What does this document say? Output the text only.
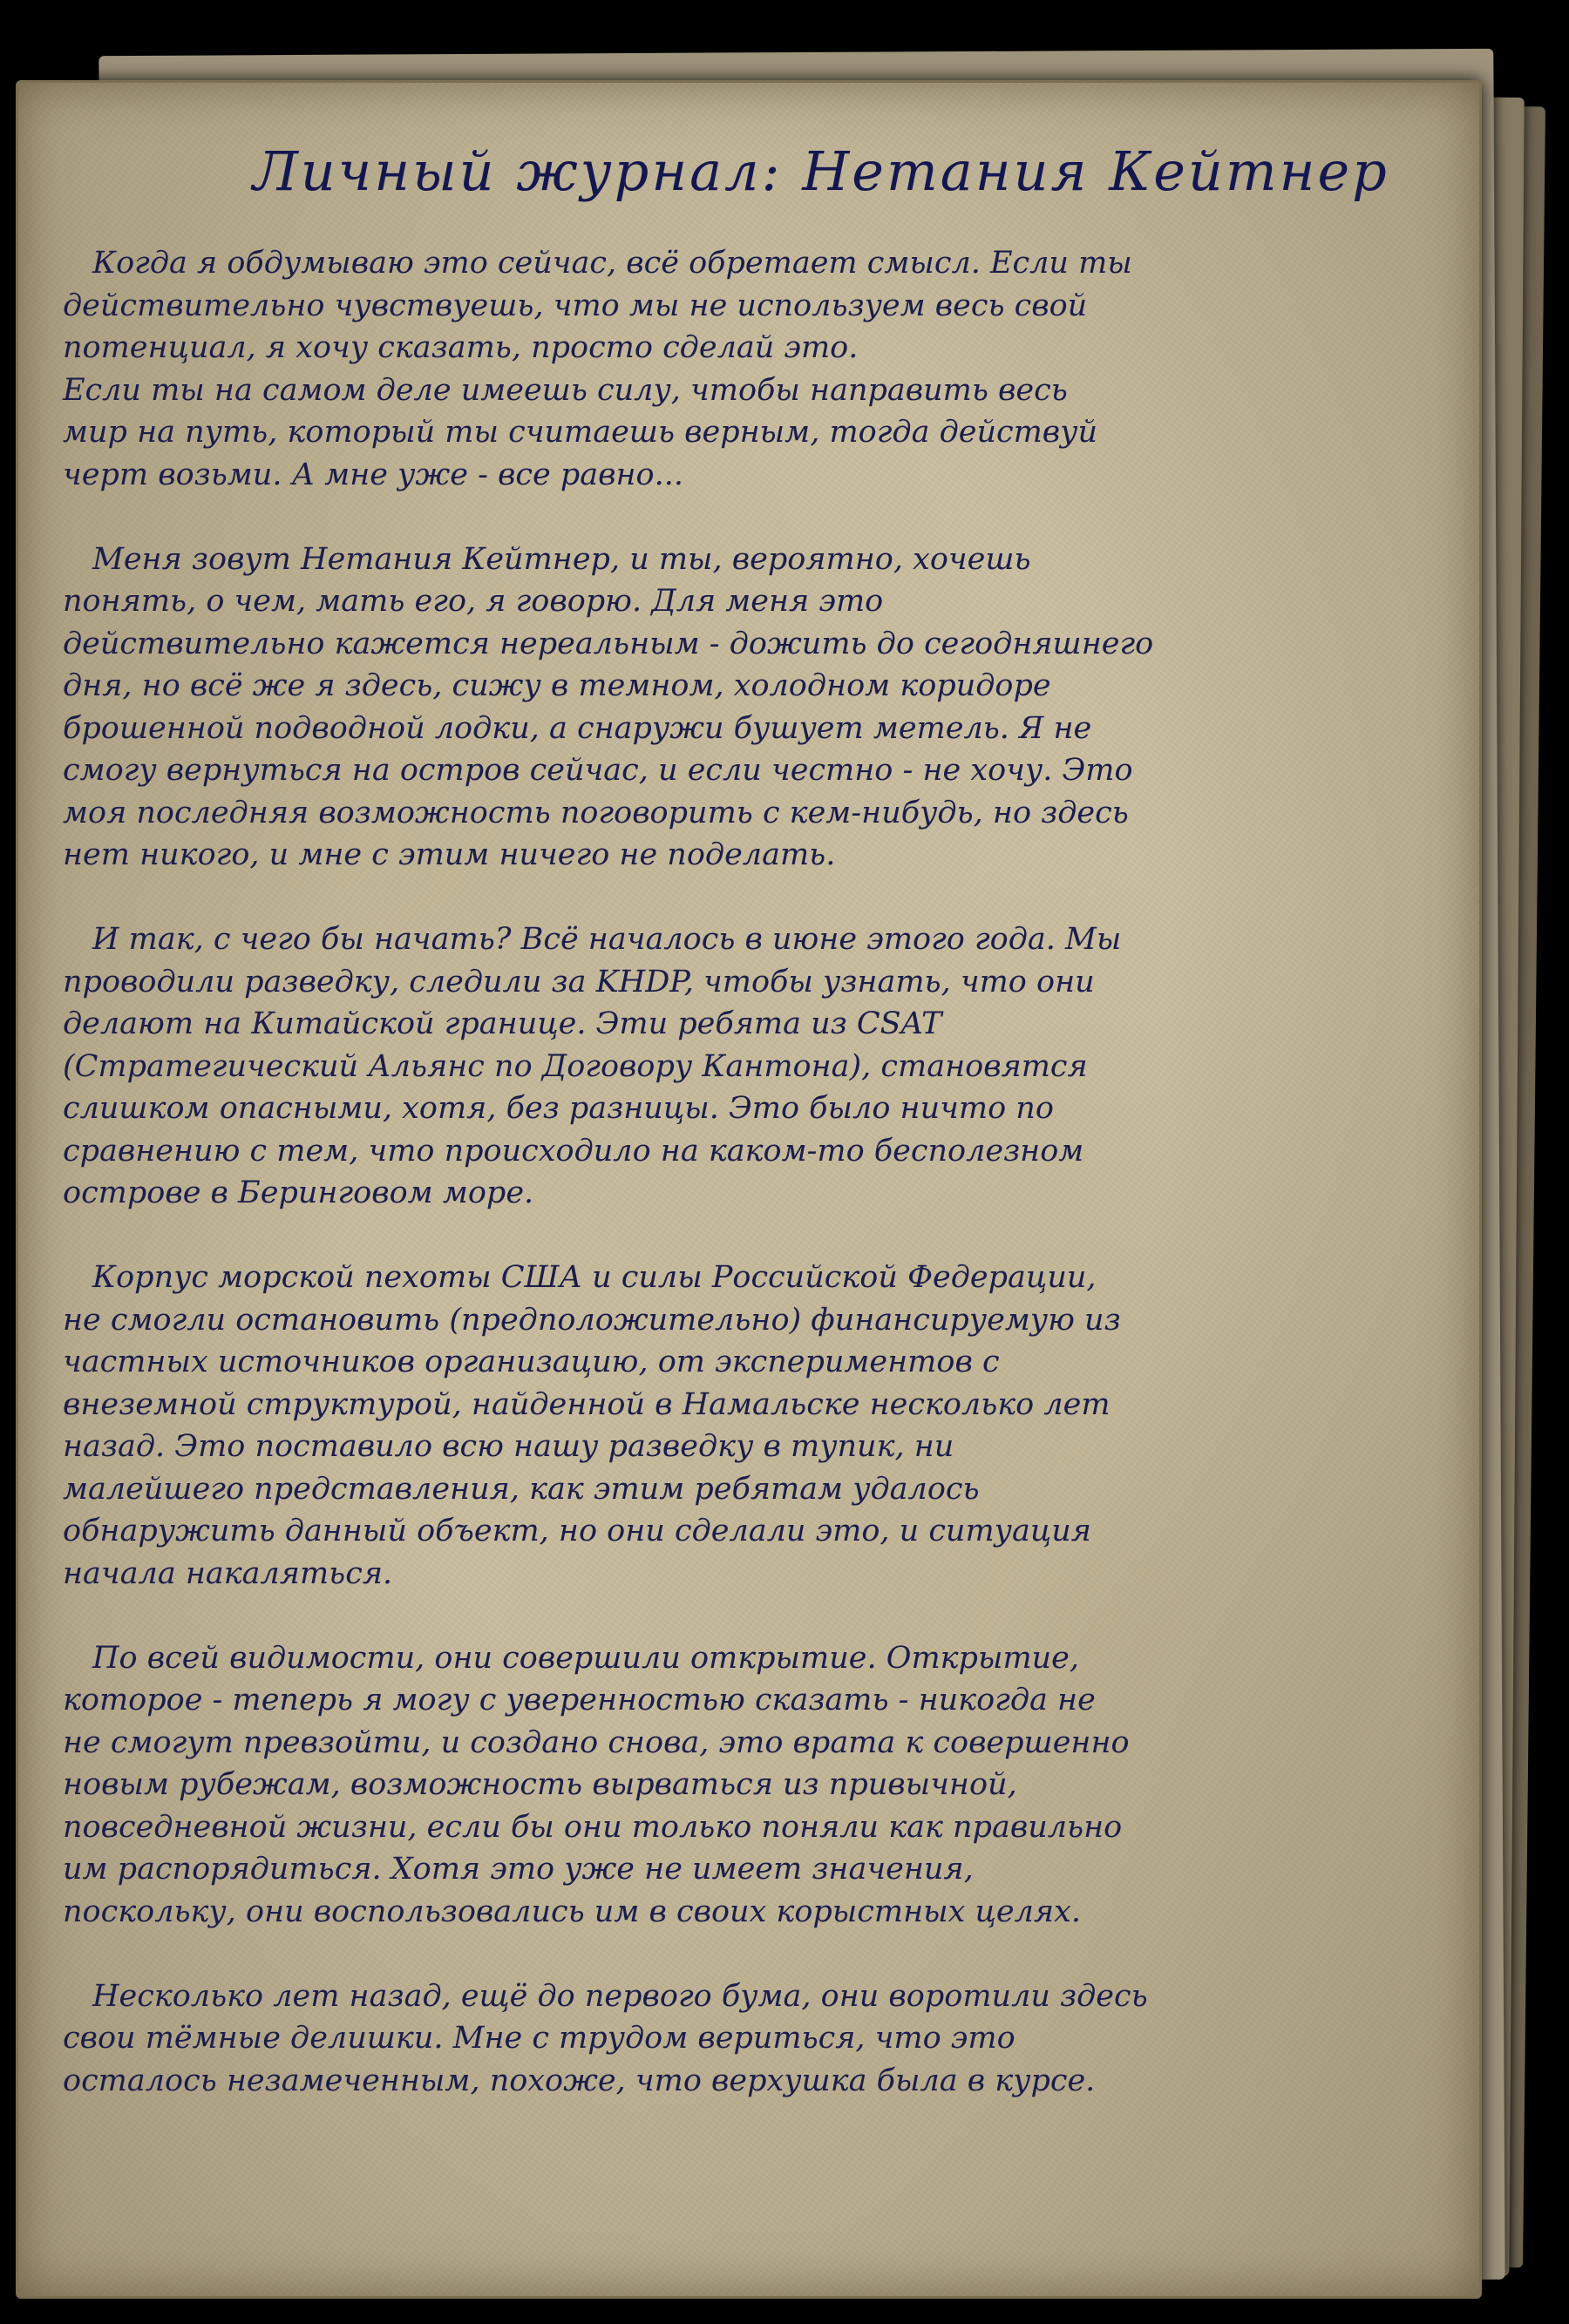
Личный журнал: Нетания Кейтнер
Когда я обдумываю это сейчас, всё обретает смысл. Если ты
действительно чувствуешь, что мы не используем весь свой
потенциал, я хочу сказать, просто сделай это.
Если ты на самом деле имеешь силу, чтобы направить весь
мир на путь, который ты считаешь верным, тогда действуй
черт возьми. А мне уже - все равно...
Меня зовут Нетания Кейтнер, и ты, вероятно, хочешь
понять, о чем, мать его, я говорю. Для меня это
действительно кажется нереальным - дожить до сегодняшнего
дня, но всё же я здесь, сижу в темном, холодном коридоре
брошенной подводной лодки, а снаружи бушует метель. Я не
смогу вернуться на остров сейчас, и если честно - не хочу. Это
моя последняя возможность поговорить с кем-нибудь, но здесь
нет никого, и мне с этим ничего не поделать.
И так, с чего бы начать? Всё началось в июне этого года. Мы
проводили разведку, следили за KHDP, чтобы узнать, что они
делают на Китайской границе. Эти ребята из CSAT
(Стратегический Альянс по Договору Кантона), становятся
слишком опасными, хотя, без разницы. Это было ничто по
сравнению с тем, что происходило на каком-то бесполезном
острове в Беринговом море.
Корпус морской пехоты США и силы Российской Федерации,
не смогли остановить (предположительно) финансируемую из
частных источников организацию, от экспериментов с
внеземной структурой, найденной в Намальске несколько лет
назад. Это поставило всю нашу разведку в тупик, ни
малейшего представления, как этим ребятам удалось
обнаружить данный объект, но они сделали это, и ситуация
начала накаляться.
По всей видимости, они совершили открытие. Открытие,
которое - теперь я могу с уверенностью сказать - никогда не
не смогут превзойти, и создано снова, это врата к совершенно
новым рубежам, возможность вырваться из привычной,
повседневной жизни, если бы они только поняли как правильно
им распорядиться. Хотя это уже не имеет значения,
поскольку, они воспользовались им в своих корыстных целях.
Несколько лет назад, ещё до первого бума, они воротили здесь
свои тёмные делишки. Мне с трудом вериться, что это
осталось незамеченным, похоже, что верхушка была в курсе.
